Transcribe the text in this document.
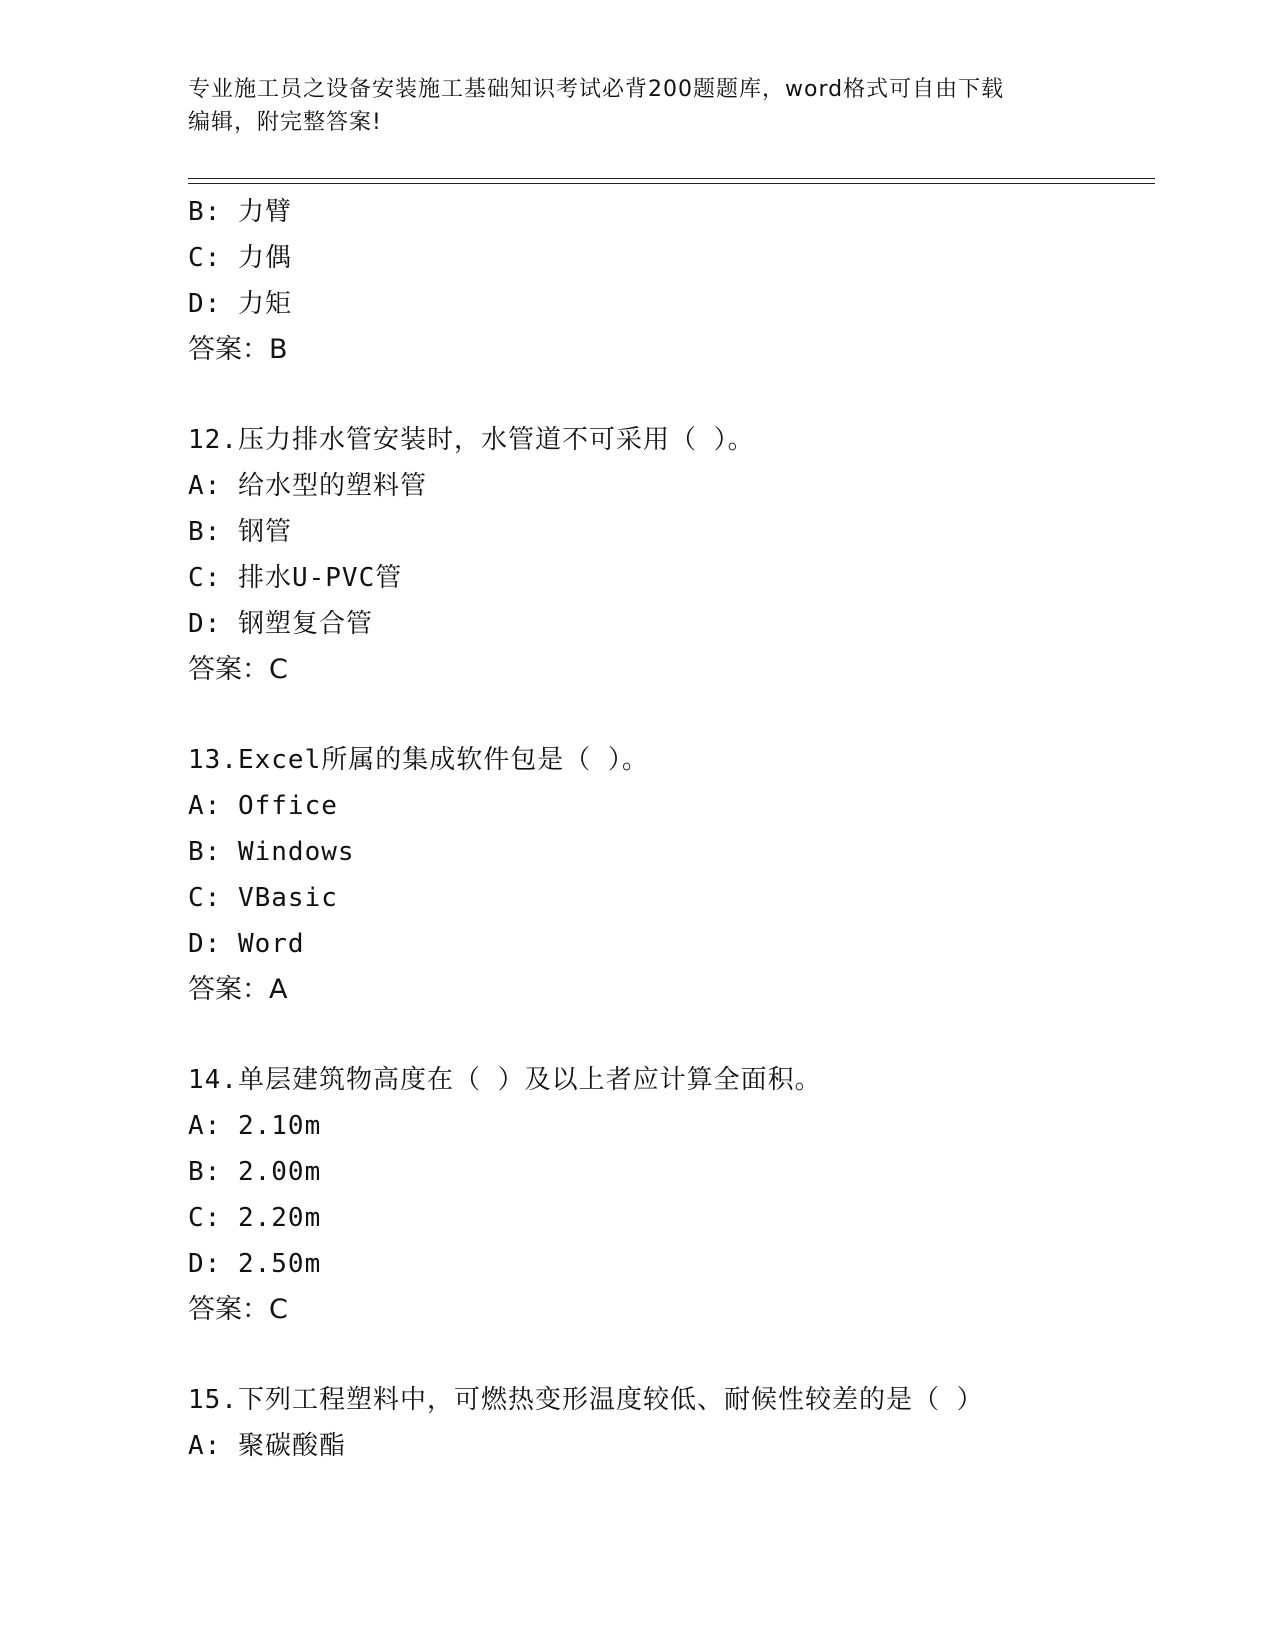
专业施工员之设备安装施工基础知识考试必背200题题库，word格式可自由下载
编辑，附完整答案!
B: 力臂
C: 力偶
D: 力矩
答案：B
12.压力排水管安装时，水管道不可采用（ ）。
A: 给水型的塑料管
B: 钢管
C: 排水U-PVC管
D: 钢塑复合管
答案：C
13.Excel所属的集成软件包是（ ）。
A: Office
B: Windows
C: VBasic
D: Word
答案：A
14.单层建筑物高度在（ ）及以上者应计算全面积。
A: 2.10m
B: 2.00m
C: 2.20m
D: 2.50m
答案：C
15.下列工程塑料中，可燃热变形温度较低、耐候性较差的是（ ）
A: 聚碳酸酯
